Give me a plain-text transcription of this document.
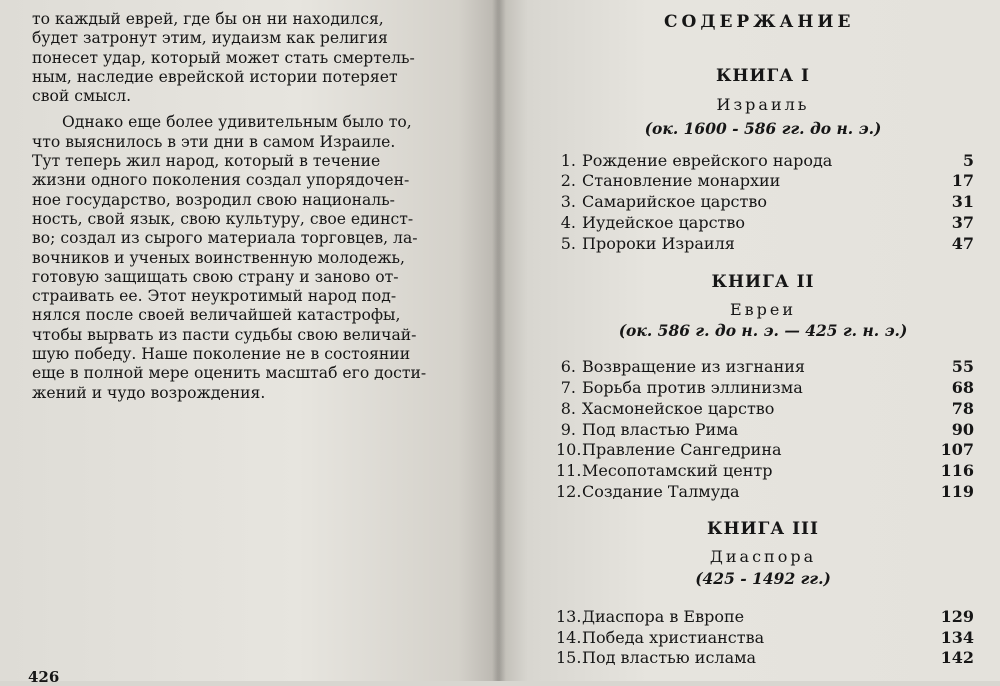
то каждый еврей, где бы он ни находился,
будет затронут этим, иудаизм как религия
понесет удар, который может стать смертель-
ным, наследие еврейской истории потеряет
свой смысл.
Однако еще более удивительным было то,
что выяснилось в эти дни в самом Израиле.
Тут теперь жил народ, который в течение
жизни одного поколения создал упорядочен-
ное государство, возродил свою националь-
ность, свой язык, свою культуру, свое единст-
во; создал из сырого материала торговцев, ла-
вочников и ученых воинственную молодежь,
готовую защищать свою страну и заново от-
страивать ее. Этот неукротимый народ под-
нялся после своей величайшей катастрофы,
чтобы вырвать из пасти судьбы свою величай-
шую победу. Наше поколение не в состоянии
еще в полной мере оценить масштаб его дости-
жений и чудо возрождения.
426
СОДЕРЖАНИЕ
КНИГА I
Израиль
(ок. 1600 - 586 гг. до н. э.)
1. Рождение еврейского народа	5
2. Становление монархии	17
3. Самарийское царство	31
4. Иудейское царство	37
5. Пророки Израиля	47
КНИГА II
Евреи
(ок. 586 г. до н. э. — 425 г. н. э.)
6. Возвращение из изгнания	55
7. Борьба против эллинизма	68
8. Хасмонейское царство	78
9. Под властью Рима	90
10.Правление Сангедрина	107
11.Месопотамский центр	116
12.Создание Талмуда	119
КНИГА III
Диаспора
(425 - 1492 гг.)
13.Диаспора в Европе	129
14.Победа христианства	134
15.Под властью ислама	142
